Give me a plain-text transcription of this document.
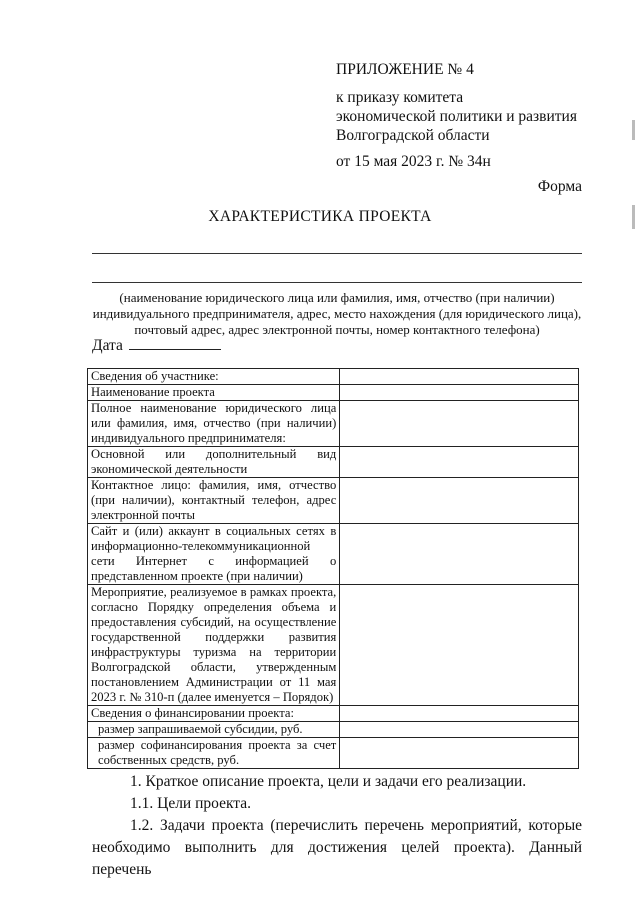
ПРИЛОЖЕНИЕ № 4
к приказу комитета
экономической политики и развития
Волгоградской области
от 15 мая 2023 г. № 34н
Форма
ХАРАКТЕРИСТИКА ПРОЕКТА
(наименование юридического лица или фамилия, имя, отчество (при наличии) индивидуального предпринимателя, адрес, место нахождения (для юридического лица), почтовый адрес, адрес электронной почты, номер контактного телефона)
Дата
Сведения об участнике:	
Наименование проекта	
Полное наименование юридического лица или фамилия, имя, отчество (при наличии) индивидуального предпринимателя:	
Основной или дополнительный вид экономической деятельности	
Контактное лицо: фамилия, имя, отчество (при наличии), контактный телефон, адрес электронной почты	
Сайт и (или) аккаунт в социальных сетях в информационно-телекоммуникационной сети Интернет с информацией о представленном проекте (при наличии)	
Мероприятие, реализуемое в рамках проекта, согласно Порядку определения объема и предоставления субсидий, на осуществление государственной поддержки развития инфраструктуры туризма на территории Волгоградской области, утвержденным постановлением Администрации от 11 мая 2023 г. № 310-п (далее именуется – Порядок)	
Сведения о финансировании проекта:	
размер запрашиваемой субсидии, руб.	
размер софинансирования проекта за счет собственных средств, руб.	
1. Краткое описание проекта, цели и задачи его реализации.
1.1. Цели проекта.
1.2. Задачи проекта (перечислить перечень мероприятий, которые необходимо выполнить для достижения целей проекта). Данный перечень
